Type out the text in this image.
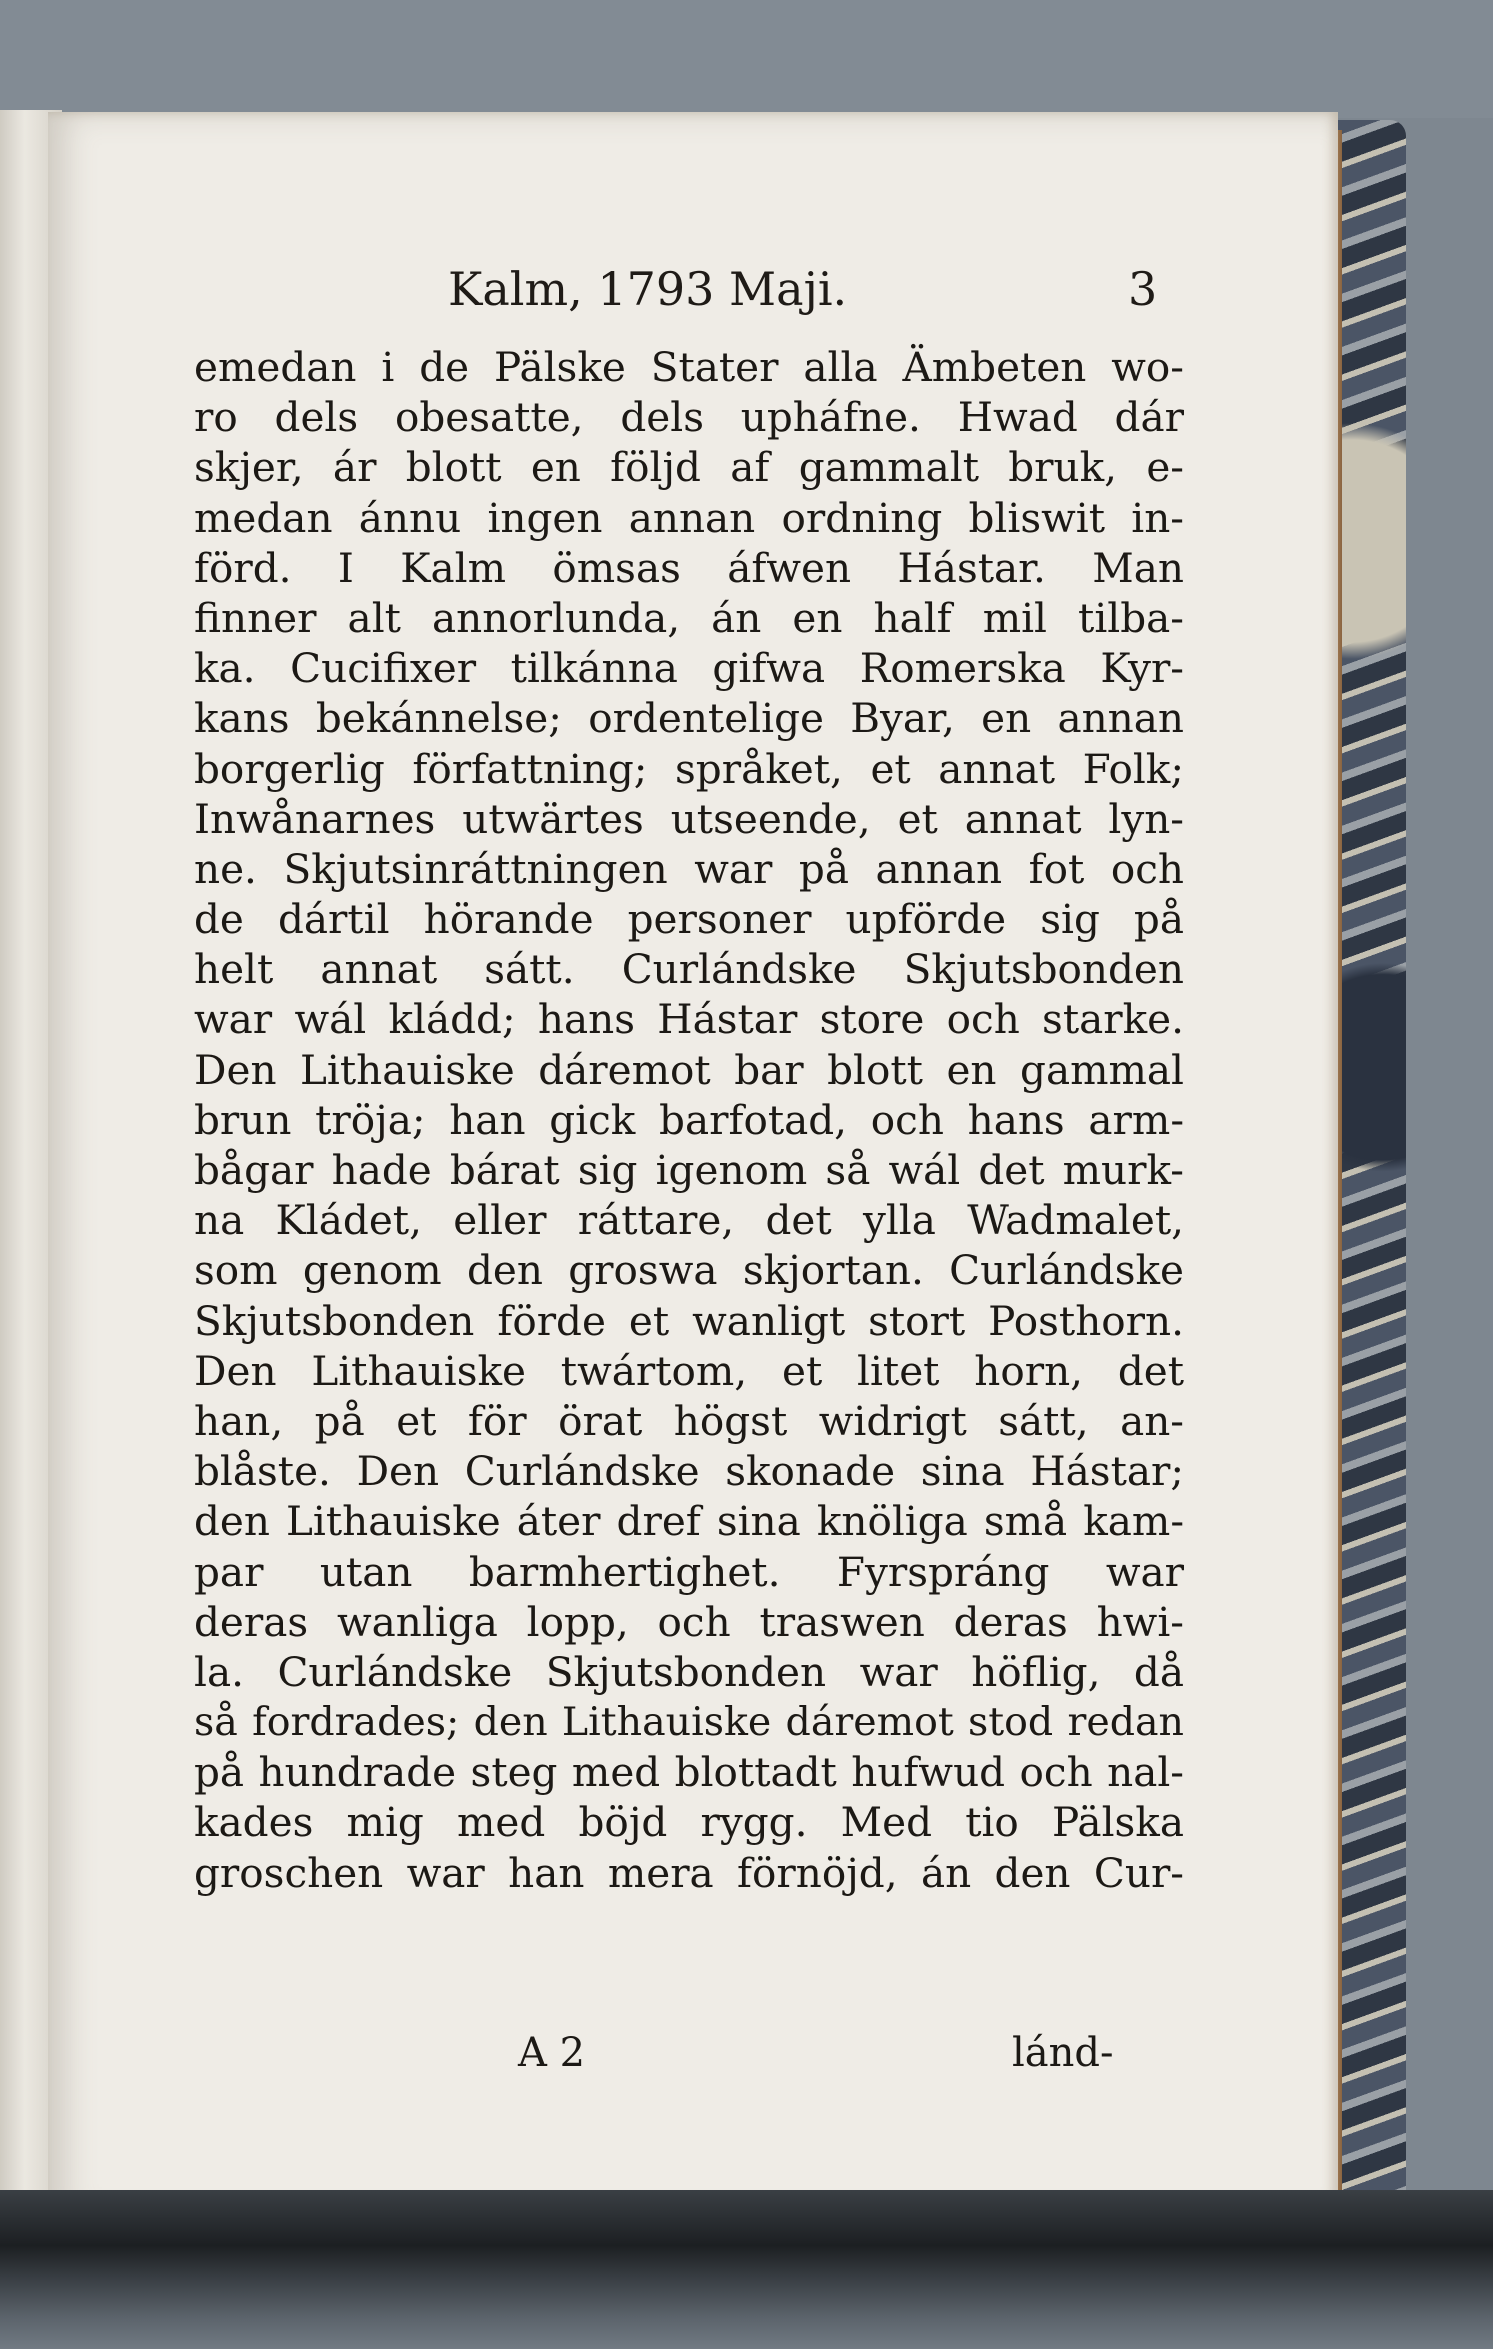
Kalm, 1793 Maji.	3
emedan i de Pälske Stater alla Ämbeten wo-
ro dels obesatte, dels upháfne. Hwad dár
skjer, ár blott en följd af gammalt bruk, e-
medan ánnu ingen annan ordning bliswit in-
förd. I Kalm ömsas áfwen Hástar. Man
finner alt annorlunda, án en half mil tilba-
ka. Cucifixer tilkánna gifwa Romerska Kyr-
kans bekánnelse; ordentelige Byar, en annan
borgerlig författning; språket, et annat Folk;
Inwånarnes utwärtes utseende, et annat lyn-
ne. Skjutsinráttningen war på annan fot och
de dártil hörande personer upförde sig på
helt annat sátt. Curlándske Skjutsbonden
war wál kládd; hans Hástar store och starke.
Den Lithauiske dáremot bar blott en gammal
brun tröja; han gick barfotad, och hans arm-
bågar hade bárat sig igenom så wál det murk-
na Kládet, eller ráttare, det ylla Wadmalet,
som genom den groswa skjortan. Curlándske
Skjutsbonden förde et wanligt stort Posthorn.
Den Lithauiske twártom, et litet horn, det
han, på et för örat högst widrigt sátt, an-
blåste. Den Curlándske skonade sina Hástar;
den Lithauiske áter dref sina knöliga små kam-
par utan barmhertighet. Fyrspráng war
deras wanliga lopp, och traswen deras hwi-
la. Curlándske Skjutsbonden war höflig, då
så fordrades; den Lithauiske dáremot stod redan
på hundrade steg med blottadt hufwud och nal-
kades mig med böjd rygg. Med tio Pälska
groschen war han mera förnöjd, án den Cur-
A 2	lánd-
